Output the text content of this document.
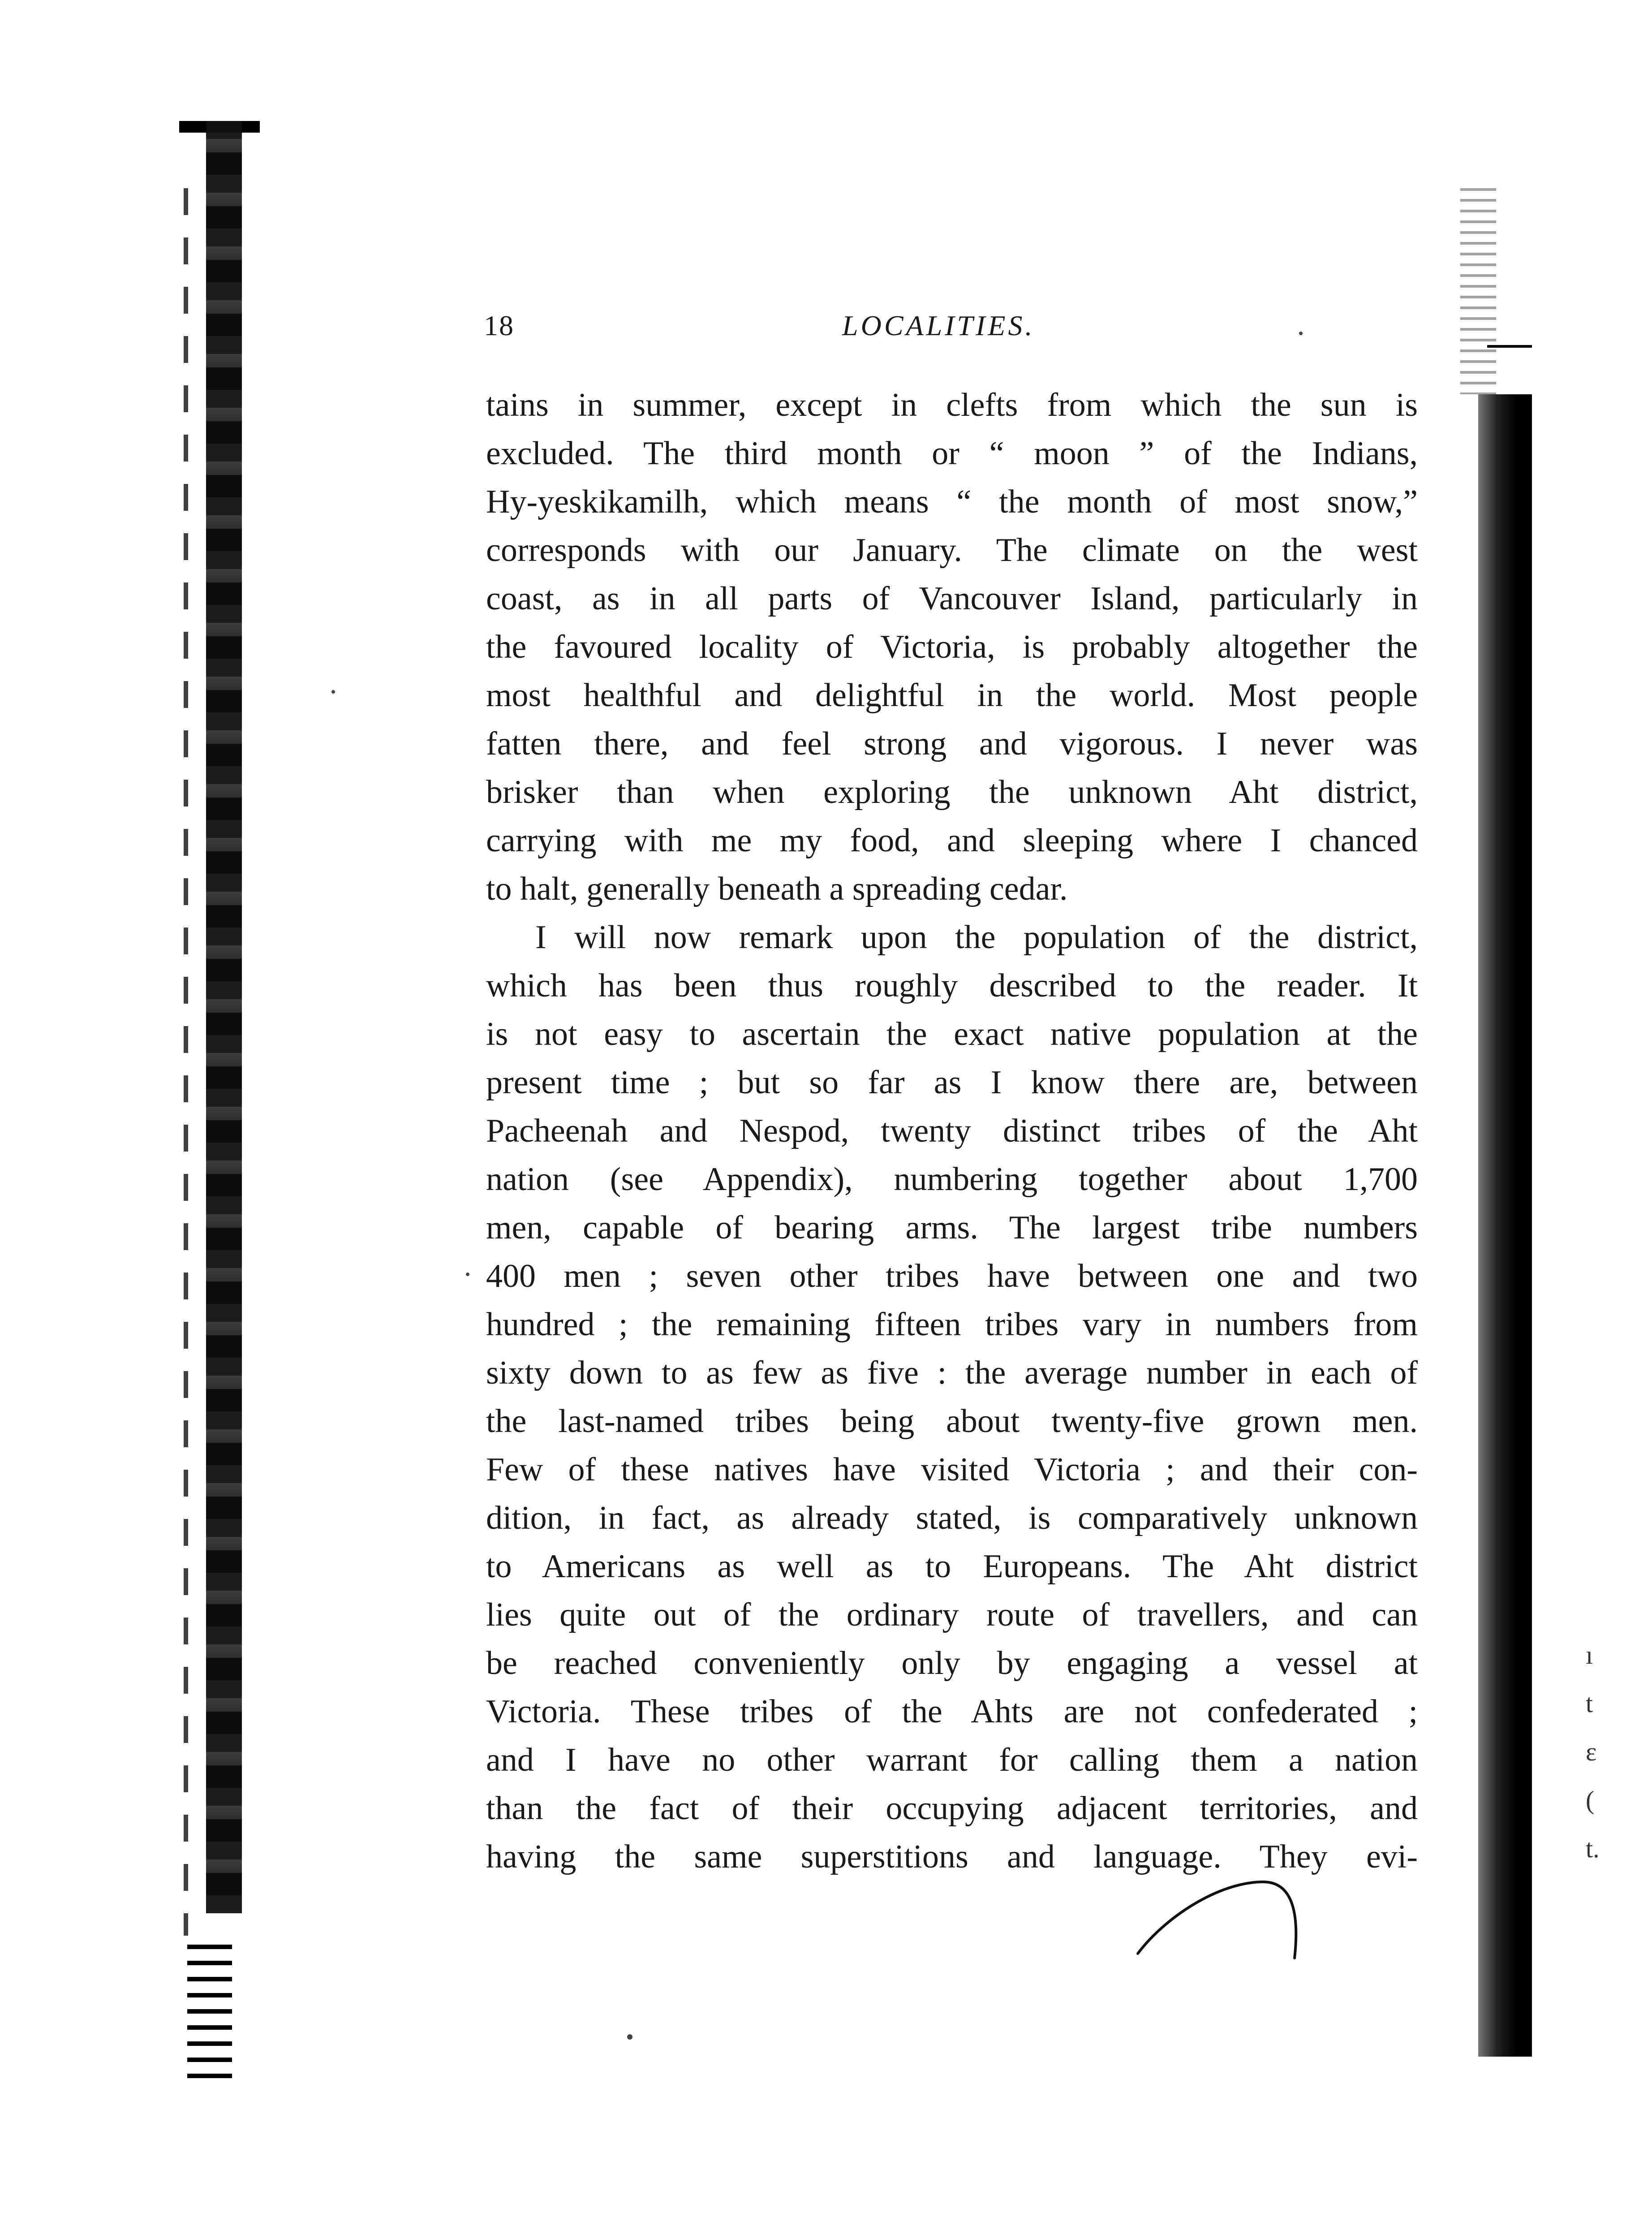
18	LOCALITIES.
tains in summer, except in clefts from which the sun is
excluded. The third month or “ moon ” of the Indians,
Hy-yeskikamilh, which means “ the month of most snow,”
corresponds with our January. The climate on the west
coast, as in all parts of Vancouver Island, particularly in
the favoured locality of Victoria, is probably altogether the
most healthful and delightful in the world. Most people
fatten there, and feel strong and vigorous. I never was
brisker than when exploring the unknown Aht district,
carrying with me my food, and sleeping where I chanced
to halt, generally beneath a spreading cedar.
I will now remark upon the population of the district,
which has been thus roughly described to the reader. It
is not easy to ascertain the exact native population at the
present time ; but so far as I know there are, between
Pacheenah and Nespod, twenty distinct tribes of the Aht
nation (see Appendix), numbering together about 1,700
men, capable of bearing arms. The largest tribe numbers
400 men ; seven other tribes have between one and two
hundred ; the remaining fifteen tribes vary in numbers from
sixty down to as few as five : the average number in each of
the last-named tribes being about twenty-five grown men.
Few of these natives have visited Victoria ; and their con-
dition, in fact, as already stated, is comparatively unknown
to Americans as well as to Europeans. The Aht district
lies quite out of the ordinary route of travellers, and can
be reached conveniently only by engaging a vessel at
Victoria. These tribes of the Ahts are not confederated ;
and I have no other warrant for calling them a nation
than the fact of their occupying adjacent territories, and
having the same superstitions and language. They evi-
ı
t
ε
(
t.
